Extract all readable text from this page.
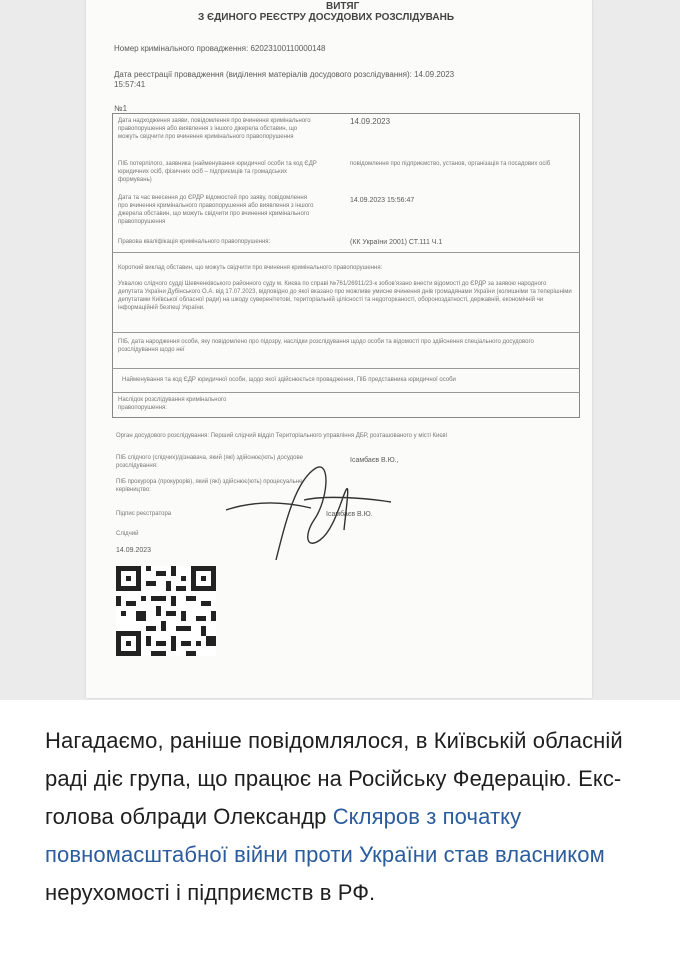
ВИТЯГ
З ЄДИНОГО РЕЄСТРУ ДОСУДОВИХ РОЗСЛІДУВАНЬ
Номер кримінального провадження: 62023100110000148
Дата реєстрації провадження (виділення матеріалів досудового розслідування): 14.09.2023
15:57:41
№1
Дата надходження заяви, повідомлення про вчинення кримінального правопорушення або виявлення з іншого джерела обставин, що можуть свідчити про вчинення кримінального правопорушення
14.09.2023
ПІБ потерпілого, заявника (найменування юридичної особи та код ЄДР юридичних осіб, фізичних осіб – підприємців та громадських формувань)
повідомлення про підприємство, установ, організація та посадових осіб
Дата та час внесення до ЄРДР відомостей про заяву, повідомлення про вчинення кримінального правопорушення або виявлення з іншого джерела обставин, що можуть свідчити про вчинення кримінального правопорушення
14.09.2023 15:56:47
Правова кваліфікація кримінального правопорушення:	(КК України 2001) СТ.111 Ч.1
Короткий виклад обставин, що можуть свідчити про вчинення кримінального правопорушення:
Ухвалою слідчого судді Шевченківського районного суду м. Києва по справі №761/26911/23-к зобов'язано внести відомості до ЄРДР за заявою народного депутата України Дубінського О.А. від 17.07.2023, відповідно до якої вказано про можливе умисне вчинення днів громадянами України (колишніми та теперішніми депутатами Київської обласної ради) на шкоду суверенітетові, територіальній цілісності та недоторканості, обороноздатності, державній, економічній чи інформаційній безпеці України.
ПІБ, дата народження особи, яку повідомлено про підозру, наслідки розслідування щодо особи та відомості про здійснення спеціального досудового розслідування щодо неї
Найменування та код ЄДР юридичної особи, щодо якої здійснюється провадження, ПІБ представника юридичної особи
Наслідок розслідування кримінального правопорушення:
Орган досудового розслідування: Перший слідчий відділ Територіального управління ДБР, розташованого у місті Києві
ПІБ слідчого (слідчих)/дізнавача, який (які) здійснює(ють) досудове розслідування:
Ісамбаєв В.Ю.,
ПІБ прокурора (прокурорів), який (які) здійснює(ють) процесуальне керівництво:
Підпис реєстратора	Ісамбаєв В.Ю.
Слідчий
14.09.2023
Нагадаємо, раніше повідомлялося, в Київській обласній раді діє група, що працює на Російську Федерацію. Екс-голова облради Олександр Скляров з початку повномасштабної війни проти України став власником нерухомості і підприємств в РФ.
